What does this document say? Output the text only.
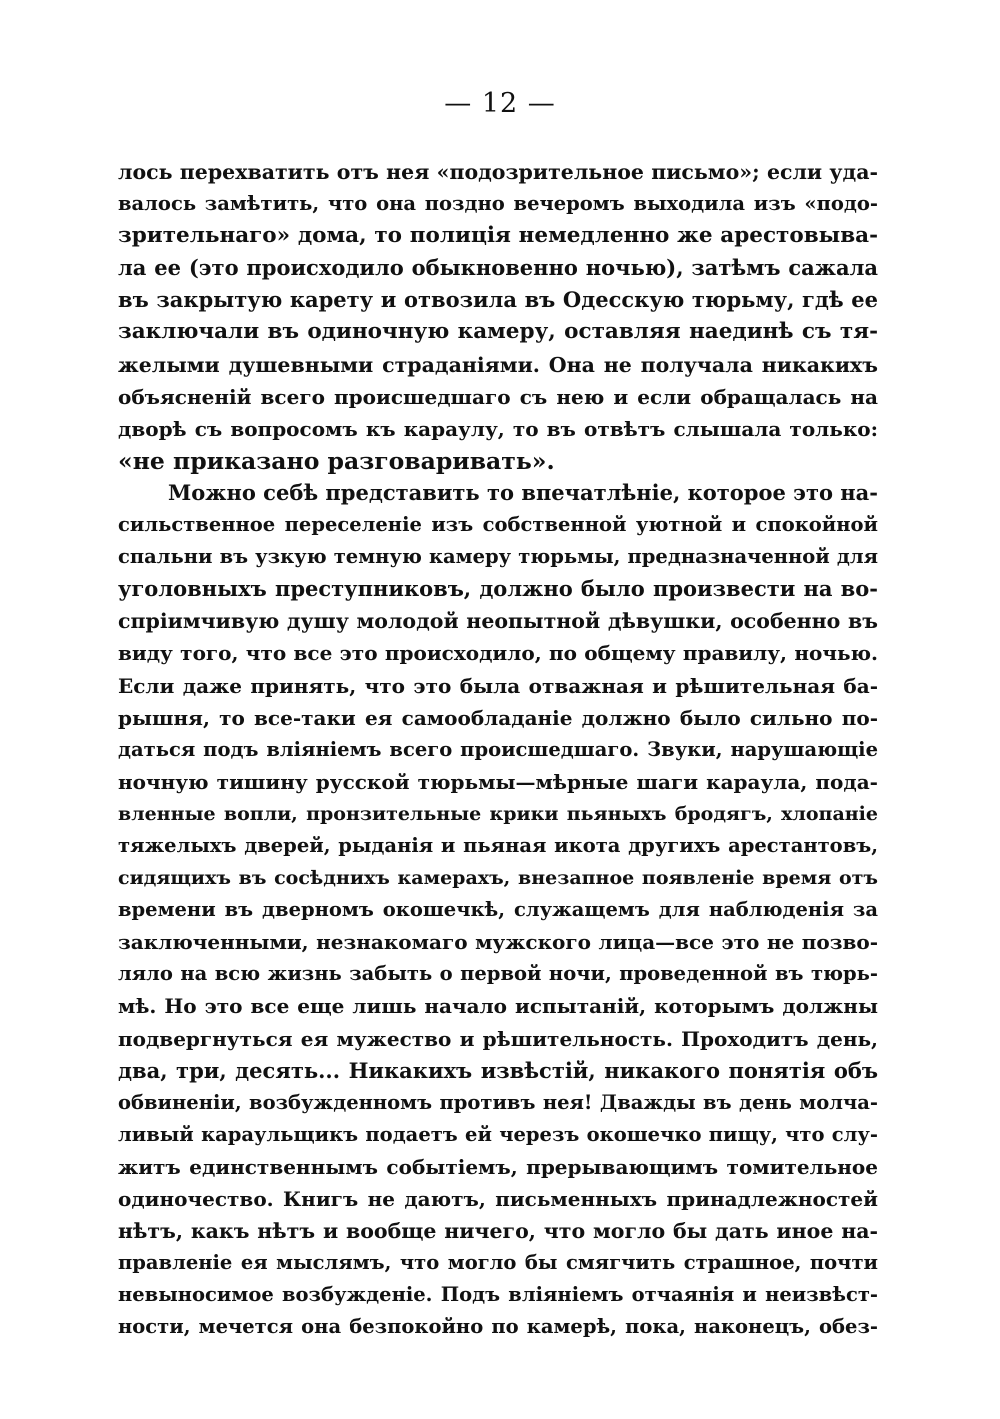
— 12 —
лось перехватить отъ нея «подозрительное письмо»; если уда-
валось замѣтить, что она поздно вечеромъ выходила изъ «подо-
зрительнаго» дома, то полиція немедленно же арестовыва-
ла ее (это происходило обыкновенно ночью), затѣмъ сажала
въ закрытую карету и отвозила въ Одесскую тюрьму, гдѣ ее
заключали въ одиночную камеру, оставляя наединѣ съ тя-
желыми душевными страданіями. Она не получала никакихъ
объясненій всего происшедшаго съ нею и если обращалась на
дворѣ съ вопросомъ къ караулу, то въ отвѣтъ слышала только:
«не приказано разговаривать».
Можно себѣ представить то впечатлѣніе, которое это на-
сильственное переселеніе изъ собственной уютной и спокойной
спальни въ узкую темную камеру тюрьмы, предназначенной для
уголовныхъ преступниковъ, должно было произвести на во-
спріимчивую душу молодой неопытной дѣвушки, особенно въ
виду того, что все это происходило, по общему правилу, ночью.
Если даже принять, что это была отважная и рѣшительная ба-
рышня, то все-таки ея самообладаніе должно было сильно по-
даться подъ вліяніемъ всего происшедшаго. Звуки, нарушающіе
ночную тишину русской тюрьмы—мѣрные шаги караула, пода-
вленные вопли, пронзительные крики пьяныхъ бродягъ, хлопаніе
тяжелыхъ дверей, рыданія и пьяная икота другихъ арестантовъ,
сидящихъ въ сосѣднихъ камерахъ, внезапное появленіе время отъ
времени въ дверномъ окошечкѣ, служащемъ для наблюденія за
заключенными, незнакомаго мужского лица—все это не позво-
ляло на всю жизнь забыть о первой ночи, проведенной въ тюрь-
мѣ. Но это все еще лишь начало испытаній, которымъ должны
подвергнуться ея мужество и рѣшительность. Проходитъ день,
два, три, десять... Никакихъ извѣстій, никакого понятія объ
обвиненіи, возбужденномъ противъ нея! Дважды въ день молча-
ливый караульщикъ подаетъ ей черезъ окошечко пищу, что слу-
житъ единственнымъ событіемъ, прерывающимъ томительное
одиночество. Книгъ не даютъ, письменныхъ принадлежностей
нѣтъ, какъ нѣтъ и вообще ничего, что могло бы дать иное на-
правленіе ея мыслямъ, что могло бы смягчить страшное, почти
невыносимое возбужденіе. Подъ вліяніемъ отчаянія и неизвѣст-
ности, мечется она безпокойно по камерѣ, пока, наконецъ, обез-
